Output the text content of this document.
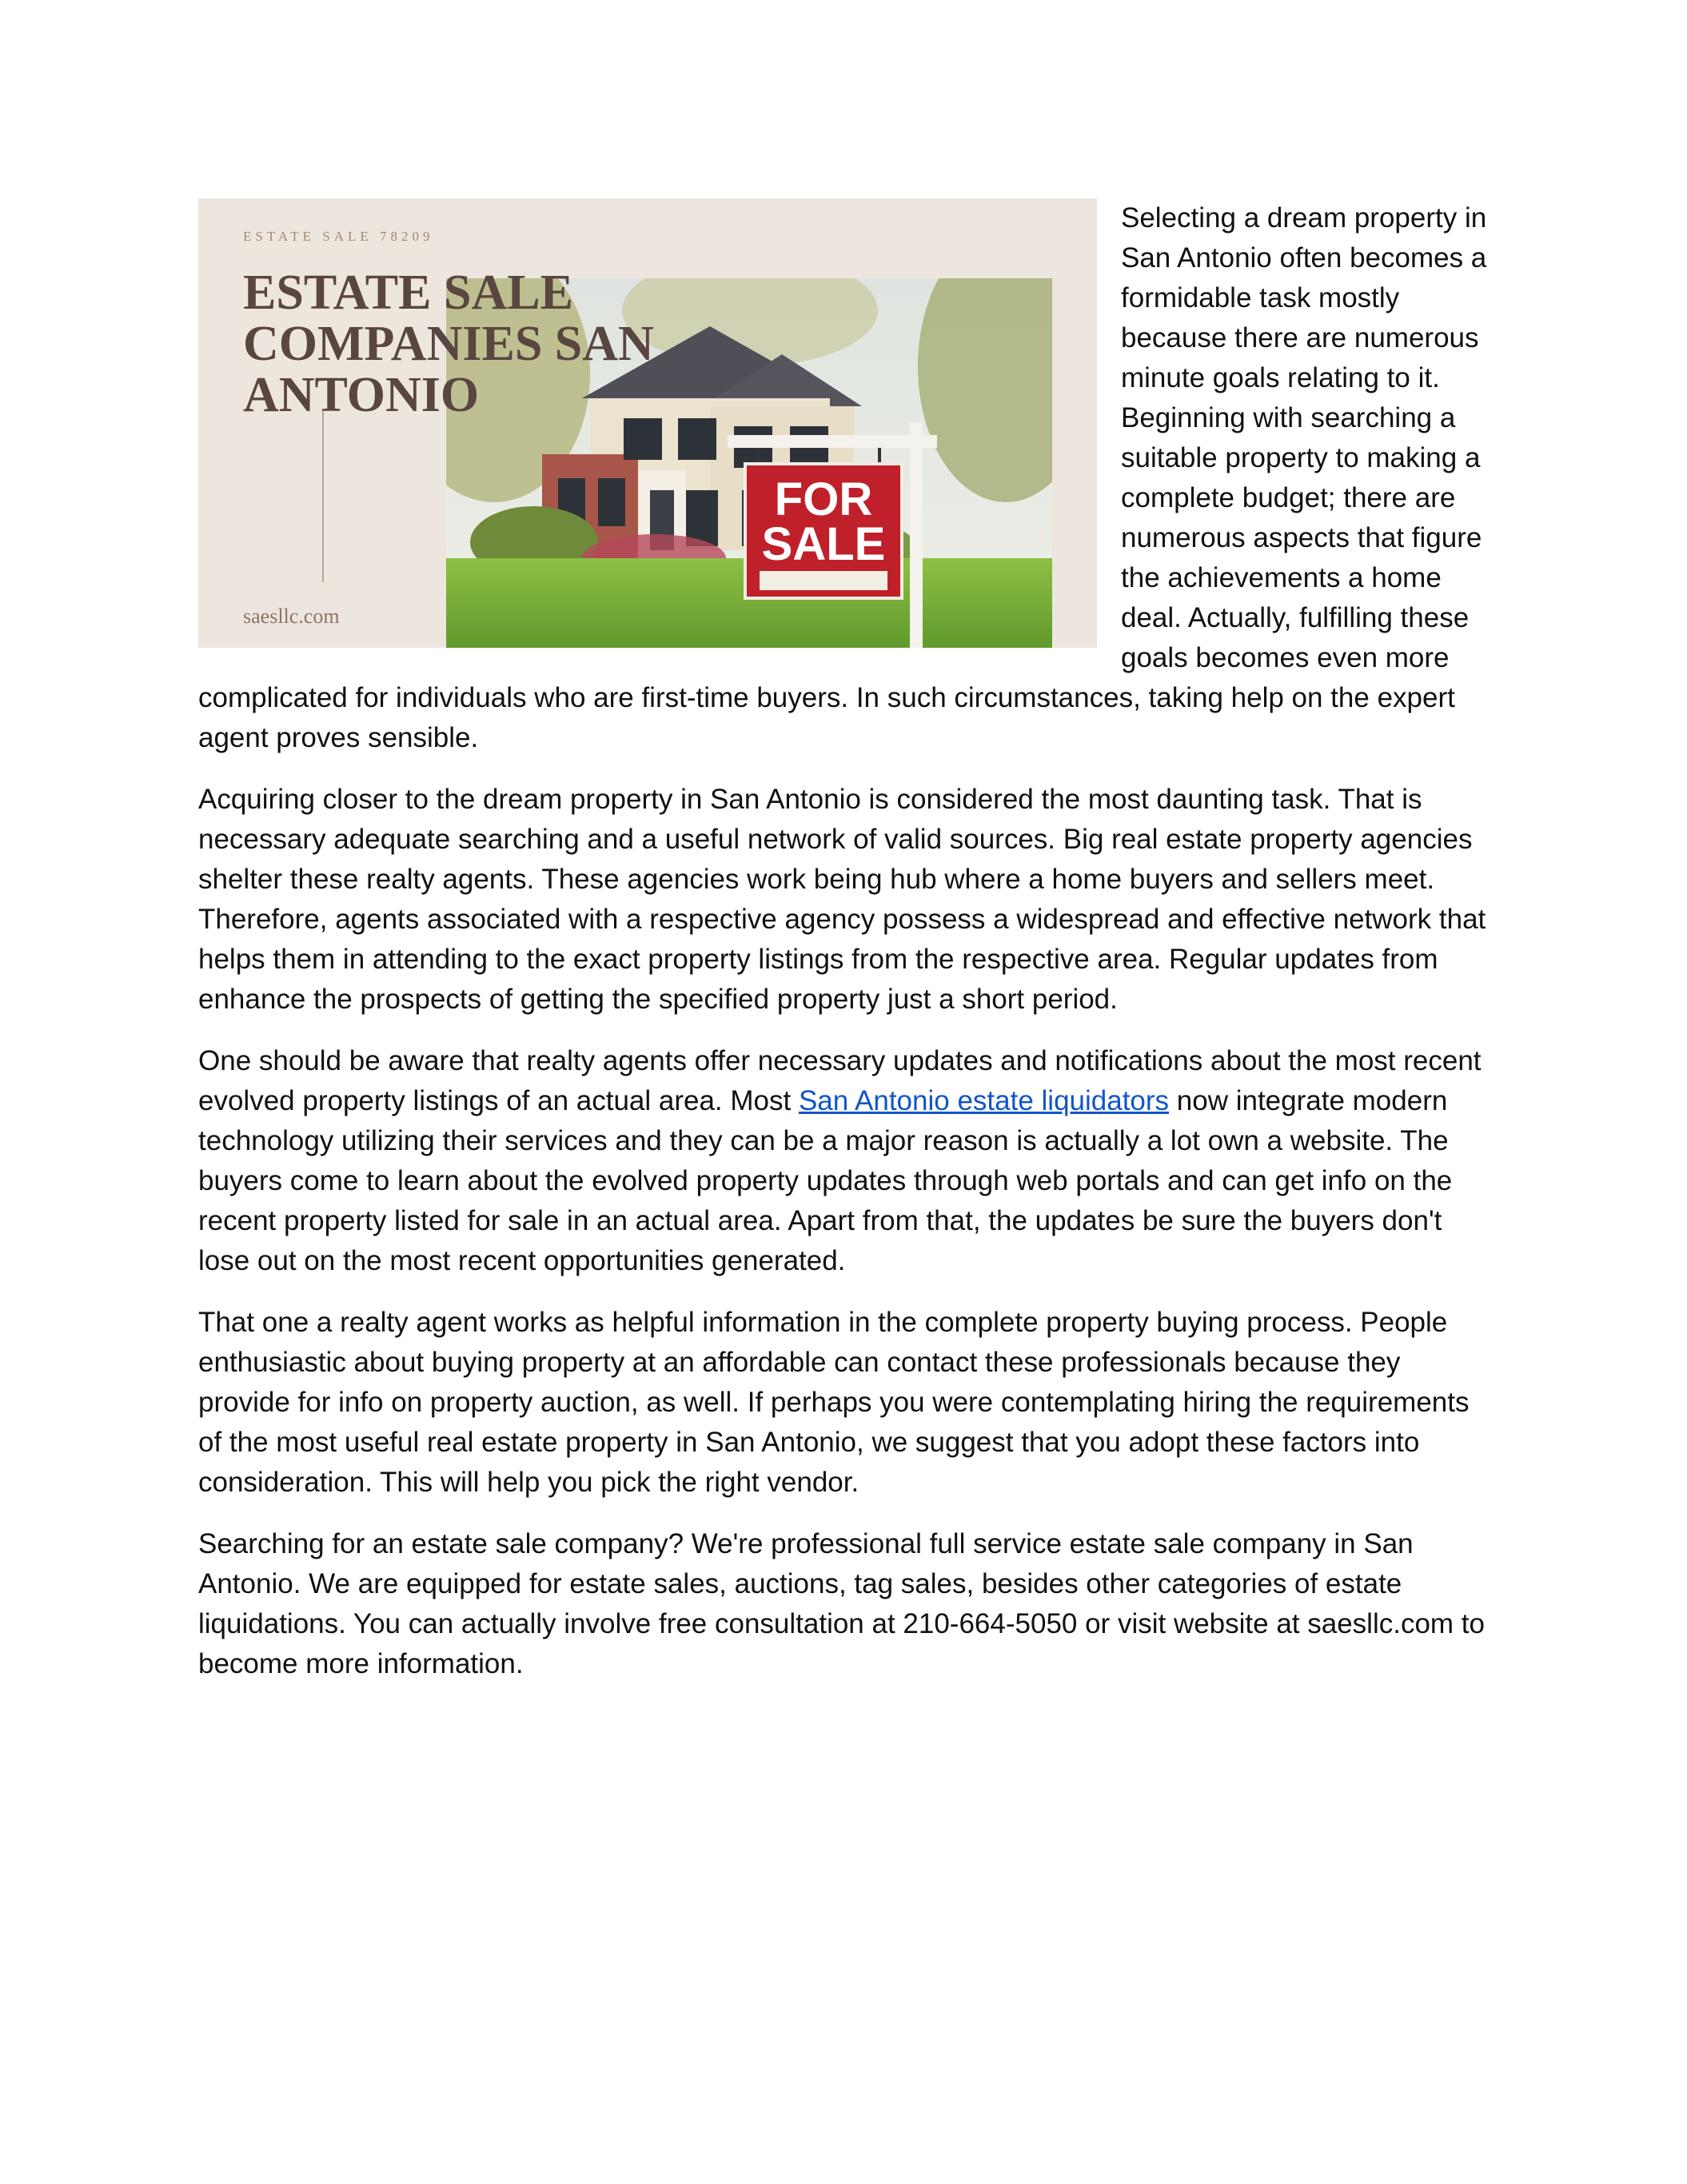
FOR
SALE
ESTATE SALE 78209
ESTATE SALE COMPANIES SAN ANTONIO
saesllc.com

Selecting a dream property in San Antonio often becomes a formidable task mostly because there are numerous minute goals relating to it. Beginning with searching a suitable property to making a complete budget; there are numerous aspects that figure the achievements a home deal. Actually, fulfilling these goals becomes even more complicated for individuals who are first-time buyers. In such circumstances, taking help on the expert agent proves sensible.

Acquiring closer to the dream property in San Antonio is considered the most daunting task. That is necessary adequate searching and a useful network of valid sources. Big real estate property agencies shelter these realty agents. These agencies work being hub where a home buyers and sellers meet. Therefore, agents associated with a respective agency possess a widespread and effective network that helps them in attending to the exact property listings from the respective area. Regular updates from enhance the prospects of getting the specified property just a short period.

One should be aware that realty agents offer necessary updates and notifications about the most recent evolved property listings of an actual area. Most San Antonio estate liquidators now integrate modern technology utilizing their services and they can be a major reason is actually a lot own a website. The buyers come to learn about the evolved property updates through web portals and can get info on the recent property listed for sale in an actual area. Apart from that, the updates be sure the buyers don't lose out on the most recent opportunities generated.

That one a realty agent works as helpful information in the complete property buying process. People enthusiastic about buying property at an affordable can contact these professionals because they provide for info on property auction, as well. If perhaps you were contemplating hiring the requirements of the most useful real estate property in San Antonio, we suggest that you adopt these factors into consideration. This will help you pick the right vendor.

Searching for an estate sale company? We're professional full service estate sale company in San Antonio. We are equipped for estate sales, auctions, tag sales, besides other categories of estate liquidations. You can actually involve free consultation at 210-664-5050 or visit website at saesllc.com to become more information.
